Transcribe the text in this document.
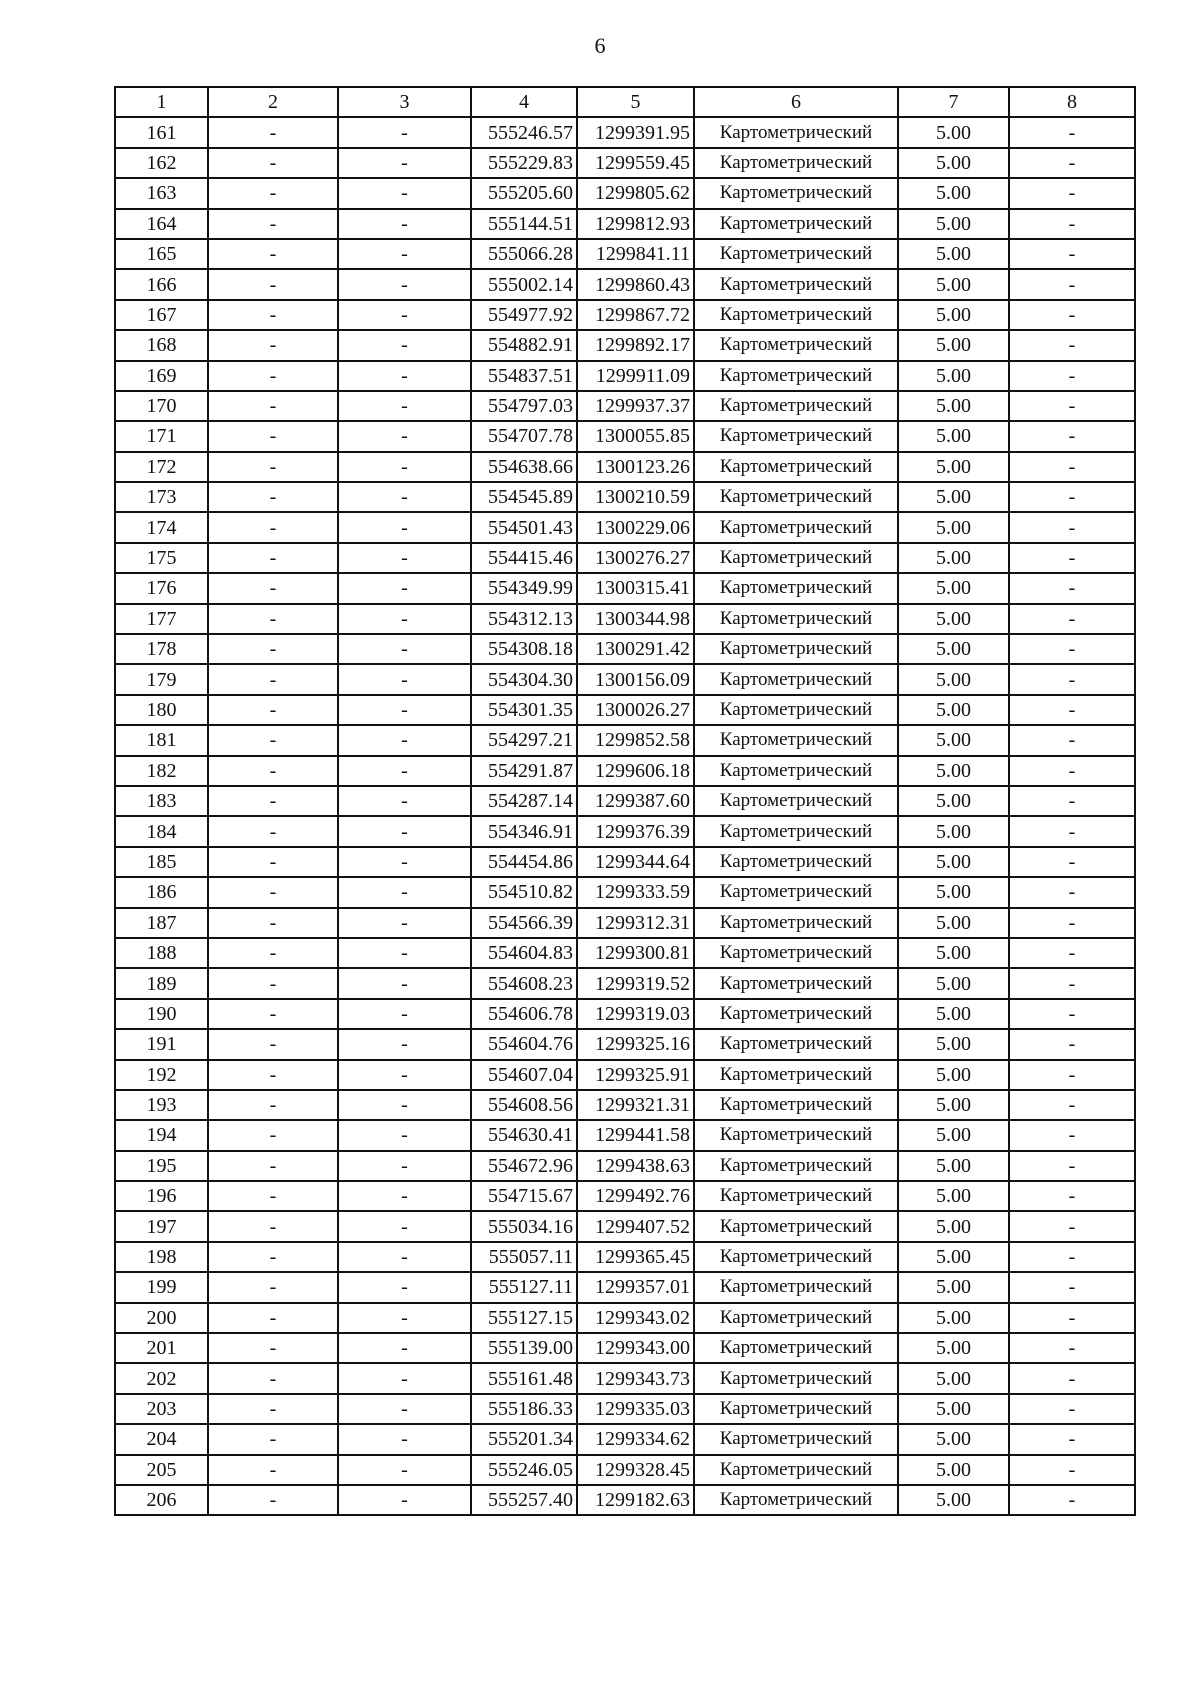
6
1	2	3	4	5	6	7	8
161	-	-	555246.57	1299391.95	Картометрический	5.00	-
162	-	-	555229.83	1299559.45	Картометрический	5.00	-
163	-	-	555205.60	1299805.62	Картометрический	5.00	-
164	-	-	555144.51	1299812.93	Картометрический	5.00	-
165	-	-	555066.28	1299841.11	Картометрический	5.00	-
166	-	-	555002.14	1299860.43	Картометрический	5.00	-
167	-	-	554977.92	1299867.72	Картометрический	5.00	-
168	-	-	554882.91	1299892.17	Картометрический	5.00	-
169	-	-	554837.51	1299911.09	Картометрический	5.00	-
170	-	-	554797.03	1299937.37	Картометрический	5.00	-
171	-	-	554707.78	1300055.85	Картометрический	5.00	-
172	-	-	554638.66	1300123.26	Картометрический	5.00	-
173	-	-	554545.89	1300210.59	Картометрический	5.00	-
174	-	-	554501.43	1300229.06	Картометрический	5.00	-
175	-	-	554415.46	1300276.27	Картометрический	5.00	-
176	-	-	554349.99	1300315.41	Картометрический	5.00	-
177	-	-	554312.13	1300344.98	Картометрический	5.00	-
178	-	-	554308.18	1300291.42	Картометрический	5.00	-
179	-	-	554304.30	1300156.09	Картометрический	5.00	-
180	-	-	554301.35	1300026.27	Картометрический	5.00	-
181	-	-	554297.21	1299852.58	Картометрический	5.00	-
182	-	-	554291.87	1299606.18	Картометрический	5.00	-
183	-	-	554287.14	1299387.60	Картометрический	5.00	-
184	-	-	554346.91	1299376.39	Картометрический	5.00	-
185	-	-	554454.86	1299344.64	Картометрический	5.00	-
186	-	-	554510.82	1299333.59	Картометрический	5.00	-
187	-	-	554566.39	1299312.31	Картометрический	5.00	-
188	-	-	554604.83	1299300.81	Картометрический	5.00	-
189	-	-	554608.23	1299319.52	Картометрический	5.00	-
190	-	-	554606.78	1299319.03	Картометрический	5.00	-
191	-	-	554604.76	1299325.16	Картометрический	5.00	-
192	-	-	554607.04	1299325.91	Картометрический	5.00	-
193	-	-	554608.56	1299321.31	Картометрический	5.00	-
194	-	-	554630.41	1299441.58	Картометрический	5.00	-
195	-	-	554672.96	1299438.63	Картометрический	5.00	-
196	-	-	554715.67	1299492.76	Картометрический	5.00	-
197	-	-	555034.16	1299407.52	Картометрический	5.00	-
198	-	-	555057.11	1299365.45	Картометрический	5.00	-
199	-	-	555127.11	1299357.01	Картометрический	5.00	-
200	-	-	555127.15	1299343.02	Картометрический	5.00	-
201	-	-	555139.00	1299343.00	Картометрический	5.00	-
202	-	-	555161.48	1299343.73	Картометрический	5.00	-
203	-	-	555186.33	1299335.03	Картометрический	5.00	-
204	-	-	555201.34	1299334.62	Картометрический	5.00	-
205	-	-	555246.05	1299328.45	Картометрический	5.00	-
206	-	-	555257.40	1299182.63	Картометрический	5.00	-
